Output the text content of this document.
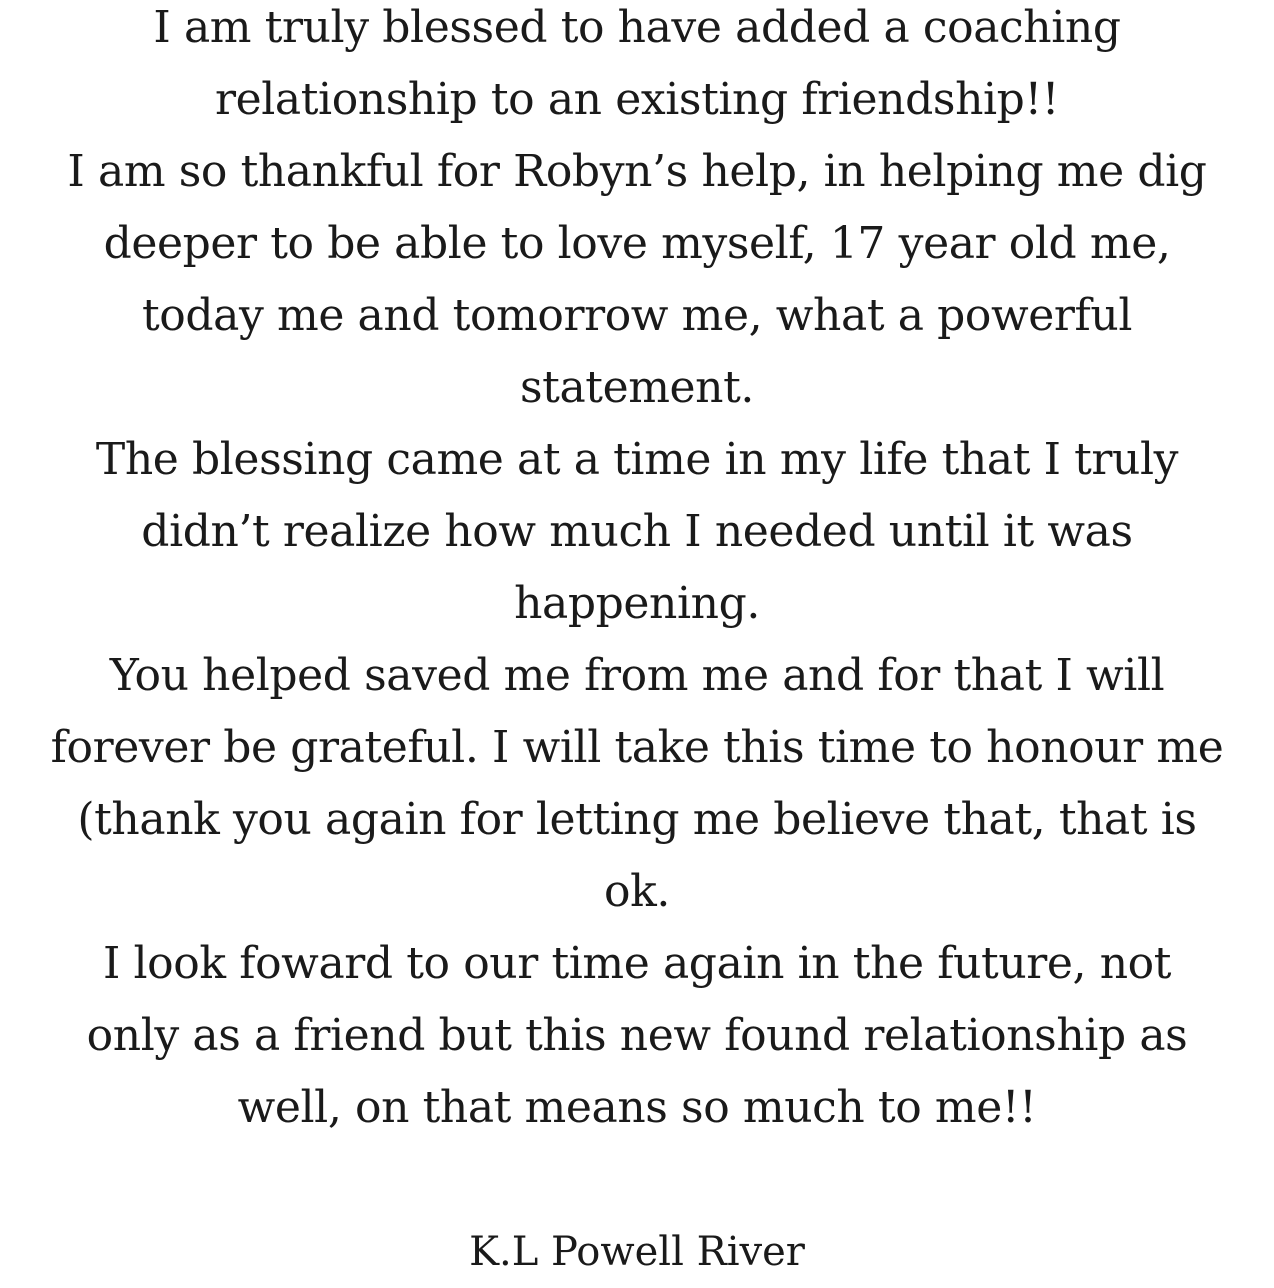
I am truly blessed to have added a coaching
relationship to an existing friendship!!
I am so thankful for Robyn’s help, in helping me dig
deeper to be able to love myself, 17 year old me,
today me and tomorrow me, what a powerful
statement.
The blessing came at a time in my life that I truly
didn’t realize how much I needed until it was
happening.
You helped saved me from me and for that I will
forever be grateful. I will take this time to honour me
(thank you again for letting me believe that, that is
ok.
I look foward to our time again in the future, not
only as a friend but this new found relationship as
well, on that means so much to me!!
K.L Powell River
